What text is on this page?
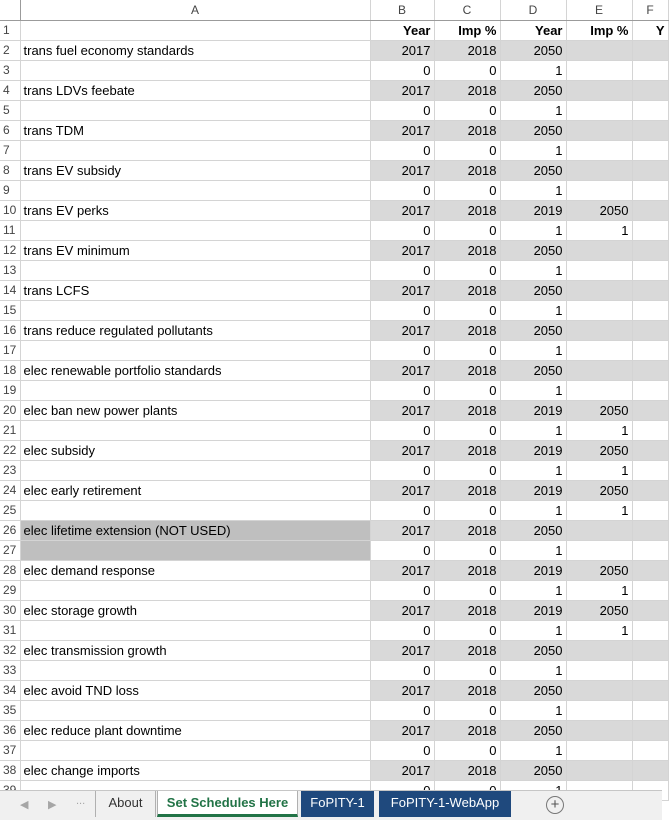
	A	B	C	D	E	F
1		Year	Imp %	Year	Imp %	Y
2	trans fuel economy standards	2017	2018	2050		
3		0	0	1		
4	trans LDVs feebate	2017	2018	2050		
5		0	0	1		
6	trans TDM	2017	2018	2050		
7		0	0	1		
8	trans EV subsidy	2017	2018	2050		
9		0	0	1		
10	trans EV perks	2017	2018	2019	2050	
11		0	0	1	1	
12	trans EV minimum	2017	2018	2050		
13		0	0	1		
14	trans LCFS	2017	2018	2050		
15		0	0	1		
16	trans reduce regulated pollutants	2017	2018	2050		
17		0	0	1		
18	elec renewable portfolio standards	2017	2018	2050		
19		0	0	1		
20	elec ban new power plants	2017	2018	2019	2050	
21		0	0	1	1	
22	elec subsidy	2017	2018	2019	2050	
23		0	0	1	1	
24	elec early retirement	2017	2018	2019	2050	
25		0	0	1	1	
26	elec lifetime extension (NOT USED)	2017	2018	2050		
27		0	0	1		
28	elec demand response	2017	2018	2019	2050	
29		0	0	1	1	
30	elec storage growth	2017	2018	2019	2050	
31		0	0	1	1	
32	elec transmission growth	2017	2018	2050		
33		0	0	1		
34	elec avoid TND loss	2017	2018	2050		
35		0	0	1		
36	elec reduce plant downtime	2017	2018	2050		
37		0	0	1		
38	elec change imports	2017	2018	2050		

◀ ▶ ...	About	Set Schedules Here	FoPITY-1	FoPITY-1-WebApp	+
